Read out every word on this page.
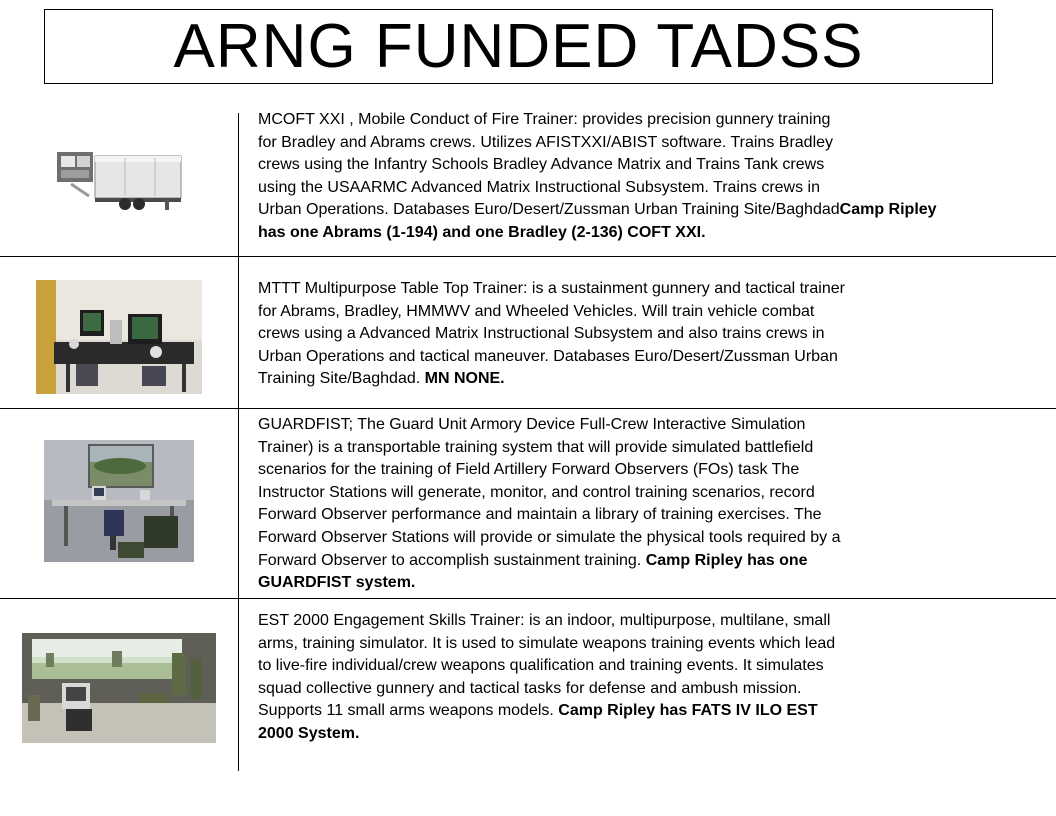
ARNG FUNDED TADSS
MCOFT XXI , Mobile Conduct of Fire Trainer: provides precision gunnery training
for Bradley and Abrams crews. Utilizes AFISTXXI/ABIST software. Trains Bradley
crews using the Infantry Schools Bradley Advance Matrix and Trains Tank crews
using the USAARMC Advanced Matrix Instructional Subsystem. Trains crews in
Urban Operations. Databases Euro/Desert/Zussman Urban Training Site/BaghdadCamp Ripley has one Abrams (1-194) and one Bradley (2-136) COFT XXI.
MTTT Multipurpose Table Top Trainer: is a sustainment gunnery and tactical trainer
for Abrams, Bradley, HMMWV and Wheeled Vehicles. Will train vehicle combat
crews using a Advanced Matrix Instructional Subsystem and also trains crews in
Urban Operations and tactical maneuver. Databases Euro/Desert/Zussman Urban
Training Site/Baghdad. MN NONE.
GUARDFIST; The Guard Unit Armory Device Full-Crew Interactive Simulation
Trainer) is a transportable training system that will provide simulated battlefield
scenarios for the training of Field Artillery Forward Observers (FOs) task The
Instructor Stations will generate, monitor, and control training scenarios, record
Forward Observer performance and maintain a library of training exercises. The
Forward Observer Stations will provide or simulate the physical tools required by a
Forward Observer to accomplish sustainment training. Camp Ripley has one
GUARDFIST system.
EST 2000 Engagement Skills Trainer: is an indoor, multipurpose, multilane, small
arms, training simulator. It is used to simulate weapons training events which lead
to live-fire individual/crew weapons qualification and training events. It simulates
squad collective gunnery and tactical tasks for defense and ambush mission.
Supports 11 small arms weapons models. Camp Ripley has FATS IV ILO EST
2000 System.
